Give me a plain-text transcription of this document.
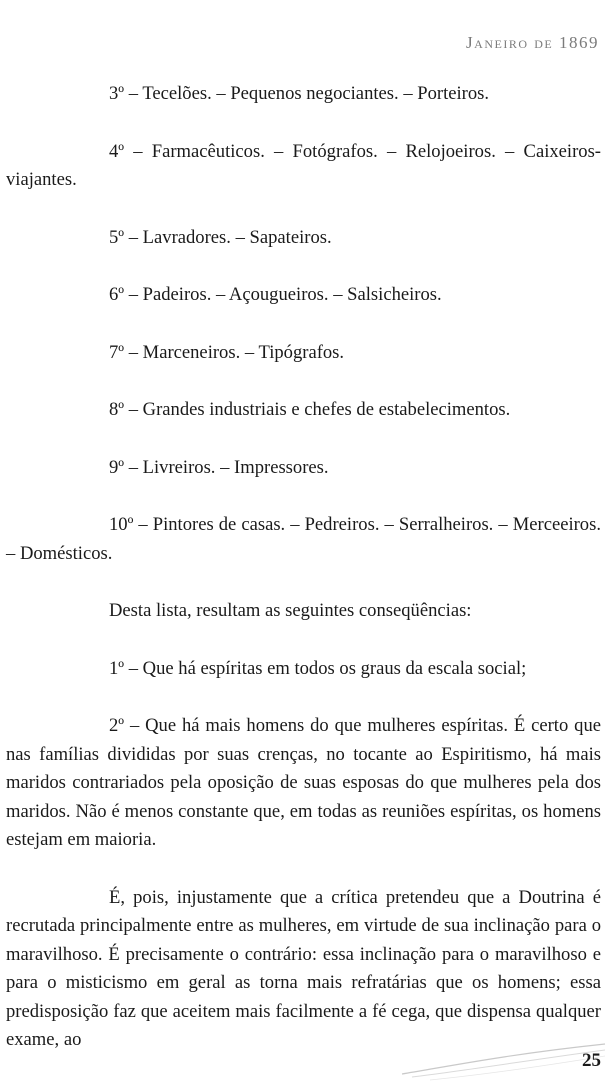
Janeiro de 1869

3º – Tecelões. – Pequenos negociantes. – Porteiros.

4º – Farmacêuticos. – Fotógrafos. – Relojoeiros. – Caixeiros-viajantes.

5º – Lavradores. – Sapateiros.

6º – Padeiros. – Açougueiros. – Salsicheiros.

7º – Marceneiros. – Tipógrafos.

8º – Grandes industriais e chefes de estabelecimentos.

9º – Livreiros. – Impressores.

10º – Pintores de casas. – Pedreiros. – Serralheiros. – Merceeiros. – Domésticos.

Desta lista, resultam as seguintes conseqüências:

1º – Que há espíritas em todos os graus da escala social;

2º – Que há mais homens do que mulheres espíritas. É certo que nas famílias divididas por suas crenças, no tocante ao Espiritismo, há mais maridos contrariados pela oposição de suas esposas do que mulheres pela dos maridos. Não é menos constante que, em todas as reuniões espíritas, os homens estejam em maioria.

É, pois, injustamente que a crítica pretendeu que a Doutrina é recrutada principalmente entre as mulheres, em virtude de sua inclinação para o maravilhoso. É precisamente o contrário: essa inclinação para o maravilhoso e para o misticismo em geral as torna mais refratárias que os homens; essa predisposição faz que aceitem mais facilmente a fé cega, que dispensa qualquer exame, ao

25
